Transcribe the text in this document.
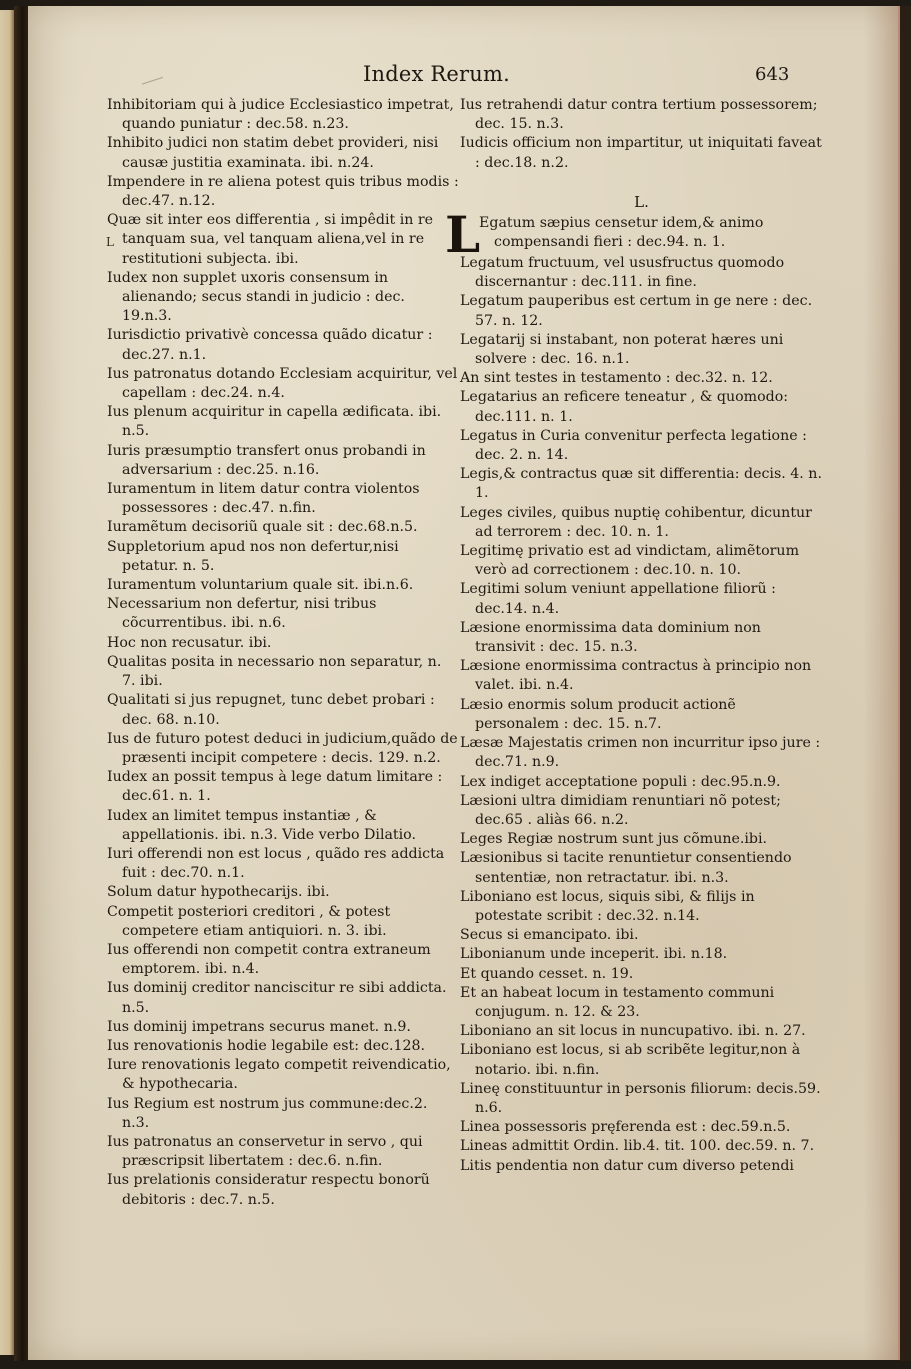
Index Rerum.	643
L

Inhibitoriam qui à judice Ecclesiastico impetrat, quando puniatur : dec.58. n.23.

Inhibito judici non statim debet provideri, nisi causæ justitia examinata. ibi. n.24.

Impendere in re aliena potest quis tribus modis : dec.47. n.12.

Quæ sit inter eos differentia , si impêdit in re tanquam sua, vel tanquam aliena,vel in re restitutioni subjecta. ibi.

Iudex non supplet uxoris consensum in alienando; secus standi in judicio : dec. 19.n.3.

Iurisdictio privativè concessa quãdo dicatur : dec.27. n.1.

Ius patronatus dotando Ecclesiam acquiritur, vel capellam : dec.24. n.4.

Ius plenum acquiritur in capella ædificata. ibi. n.5.

Iuris præsumptio transfert onus probandi in adversarium : dec.25. n.16.

Iuramentum in litem datur contra violentos possessores : dec.47. n.fin.

Iuramẽtum decisoriũ quale sit : dec.68.n.5.

Suppletorium apud nos non defertur,nisi petatur. n. 5.

Iuramentum voluntarium quale sit. ibi.n.6.

Necessarium non defertur, nisi tribus cõcurrentibus. ibi. n.6.

Hoc non recusatur. ibi.

Qualitas posita in necessario non separatur, n. 7. ibi.

Qualitati si jus repugnet, tunc debet probari : dec. 68. n.10.

Ius de futuro potest deduci in judicium,quãdo de præsenti incipit competere : decis. 129. n.2.

Iudex an possit tempus à lege datum limitare : dec.61. n. 1.

Iudex an limitet tempus instantiæ , & appellationis. ibi. n.3. Vide verbo Dilatio.

Iuri offerendi non est locus , quãdo res addicta fuit : dec.70. n.1.

Solum datur hypothecarijs. ibi.

Competit posteriori creditori , & potest competere etiam antiquiori. n. 3. ibi.

Ius offerendi non competit contra extraneum emptorem. ibi. n.4.

Ius dominij creditor nanciscitur re sibi addicta. n.5.

Ius dominij impetrans securus manet. n.9.

Ius renovationis hodie legabile est: dec.128.

Iure renovationis legato competit reivendicatio, & hypothecaria.

Ius Regium est nostrum jus commune:dec.2. n.3.

Ius patronatus an conservetur in servo , qui præscripsit libertatem : dec.6. n.fin.

Ius prelationis consideratur respectu bonorũ debitoris : dec.7. n.5.

Ius retrahendi datur contra tertium possessorem; dec. 15. n.3.

Iudicis officium non impartitur, ut iniquitati faveat : dec.18. n.2.

L.
L
Egatum sæpius censetur idem,& animo compensandi fieri : dec.94. n. 1.

Legatum fructuum, vel ususfructus quomodo discernantur : dec.111. in fine.

Legatum pauperibus est certum in ge nere : dec. 57. n. 12.

Legatarij si instabant, non poterat hæres uni solvere : dec. 16. n.1.

An sint testes in testamento : dec.32. n. 12.

Legatarius an reficere teneatur , & quomodo: dec.111. n. 1.

Legatus in Curia convenitur perfecta legatione : dec. 2. n. 14.

Legis,& contractus quæ sit differentia: decis. 4. n. 1.

Leges civiles, quibus nuptię cohibentur, dicuntur ad terrorem : dec. 10. n. 1.

Legitimę privatio est ad vindictam, alimẽtorum verò ad correctionem : dec.10. n. 10.

Legitimi solum veniunt appellatione filiorũ : dec.14. n.4.

Læsione enormissima data dominium non transivit : dec. 15. n.3.

Læsione enormissima contractus à principio non valet. ibi. n.4.

Læsio enormis solum producit actionẽ personalem : dec. 15. n.7.

Læsæ Majestatis crimen non incurritur ipso jure : dec.71. n.9.

Lex indiget acceptatione populi : dec.95.n.9.

Læsioni ultra dimidiam renuntiari nõ potest; dec.65 . aliàs 66. n.2.

Leges Regiæ nostrum sunt jus cõmune.ibi.

Læsionibus si tacite renuntietur consentiendo sententiæ, non retractatur. ibi. n.3.

Liboniano est locus, siquis sibi, & filijs in potestate scribit : dec.32. n.14.

Secus si emancipato. ibi.

Libonianum unde inceperit. ibi. n.18.

Et quando cesset. n. 19.

Et an habeat locum in testamento communi conjugum. n. 12. & 23.

Liboniano an sit locus in nuncupativo. ibi. n. 27.

Liboniano est locus, si ab scribẽte legitur,non à notario. ibi. n.fin.

Lineę constituuntur in personis filiorum: decis.59. n.6.

Linea possessoris pręferenda est : dec.59.n.5.

Lineas admittit Ordin. lib.4. tit. 100. dec.59. n. 7.

Litis pendentia non datur cum diverso petendi
